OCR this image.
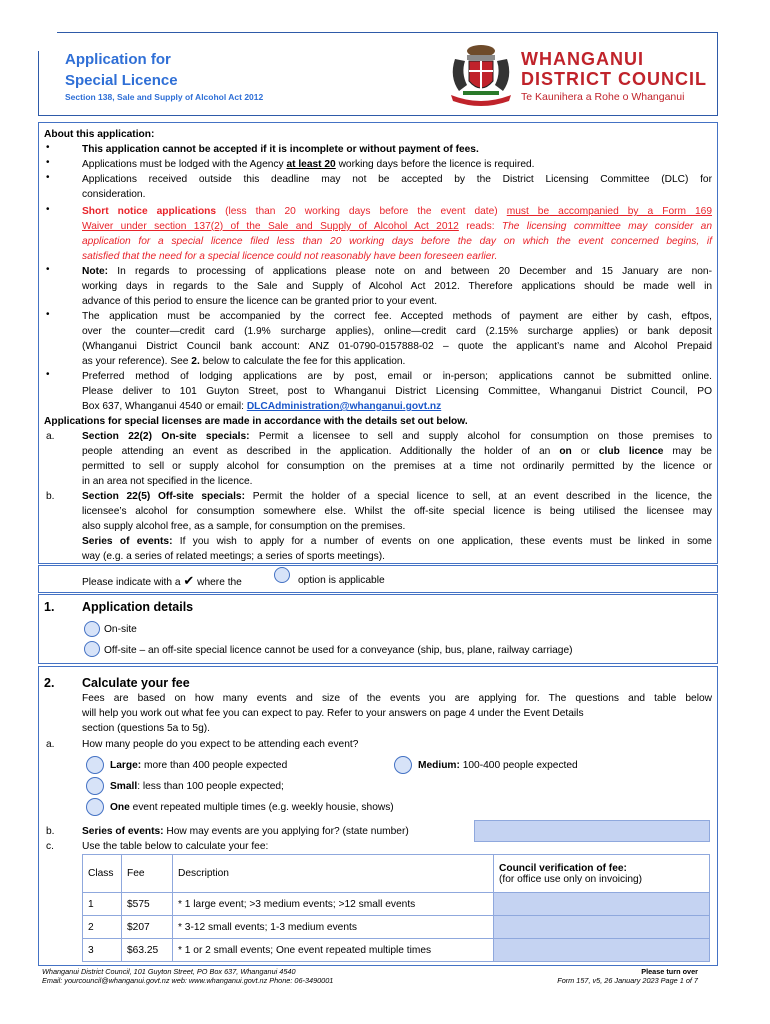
Application for
Special Licence
Section 138, Sale and Supply of Alcohol Act 2012
WHANGANUI
DISTRICT COUNCIL
Te Kaunihera a Rohe o Whanganui
About this application:
•	This application cannot be accepted if it is incomplete or without payment of fees.
•	Applications must be lodged with the Agency at least 20 working days before the licence is required.
•	Applications received outside this deadline may not be accepted by the District Licensing Committee (DLC) for
consideration.
•	Short notice applications (less than 20 working days before the event date) must be accompanied by a Form 169
Waiver under section 137(2) of the Sale and Supply of Alcohol Act 2012 reads: The licensing committee may consider an
application for a special licence filed less than 20 working days before the day on which the event concerned begins, if
satisfied that the need for a special licence could not reasonably have been foreseen earlier.
•	Note: In regards to processing of applications please note on and between 20 December and 15 January are non-
working days in regards to the Sale and Supply of Alcohol Act 2012. Therefore applications should be made well in
advance of this period to ensure the licence can be granted prior to your event.
•	The application must be accompanied by the correct fee. Accepted methods of payment are either by cash, eftpos,
over the counter—credit card (1.9% surcharge applies), online—credit card (2.15% surcharge applies) or bank deposit
(Whanganui District Council bank account: ANZ 01-0790-0157888-02 – quote the applicant’s name and Alcohol Prepaid
as your reference). See 2. below to calculate the fee for this application.
•	Preferred method of lodging applications are by post, email or in-person; applications cannot be submitted online.
Please deliver to 101 Guyton Street, post to Whanganui District Licensing Committee, Whanganui District Council, PO
Box 637, Whanganui 4540 or email: DLCAdministration@whanganui.govt.nz
Applications for special licenses are made in accordance with the details set out below.
a.	Section 22(2) On-site specials: Permit a licensee to sell and supply alcohol for consumption on those premises to
people attending an event as described in the application. Additionally the holder of an on or club licence may be
permitted to sell or supply alcohol for consumption on the premises at a time not ordinarily permitted by the licence or
in an area not specified in the licence.
b.	Section 22(5) Off-site specials: Permit the holder of a special licence to sell, at an event described in the licence, the
licensee’s alcohol for consumption somewhere else. Whilst the off-site special licence is being utilised the licensee may
also supply alcohol free, as a sample, for consumption on the premises.
Series of events: If you wish to apply for a number of events on one application, these events must be linked in some
way (e.g. a series of related meetings; a series of sports meetings).
Please indicate with a ✔ where the	option is applicable
1. Application details
On-site
Off-site – an off-site special licence cannot be used for a conveyance (ship, bus, plane, railway carriage)
2. Calculate your fee
Fees are based on how many events and size of the events you are applying for. The questions and table below
will help you work out what fee you can expect to pay. Refer to your answers on page 4 under the Event Details
section (questions 5a to 5g).
a.	How many people do you expect to be attending each event?
Large: more than 400 people expected	Medium: 100-400 people expected
Small: less than 100 people expected;
One event repeated multiple times (e.g. weekly housie, shows)
b.	Series of events: How may events are you applying for? (state number)
c.	Use the table below to calculate your fee:
Class	Fee	Description	Council verification of fee:
(for office use only on invoicing)

1	$575	* 1 large event; >3 medium events; >12 small events	
2	$207	* 3-12 small events; 1-3 medium events	
3	$63.25	* 1 or 2 small events; One event repeated multiple times	
Whanganui District Council, 101 Guyton Street, PO Box 637, Whanganui 4540
Email: yourcouncil@whanganui.govt.nz web: www.whanganui.govt.nz Phone: 06-3490001
Please turn over
Form 157, v5, 26 January 2023 Page 1 of 7
